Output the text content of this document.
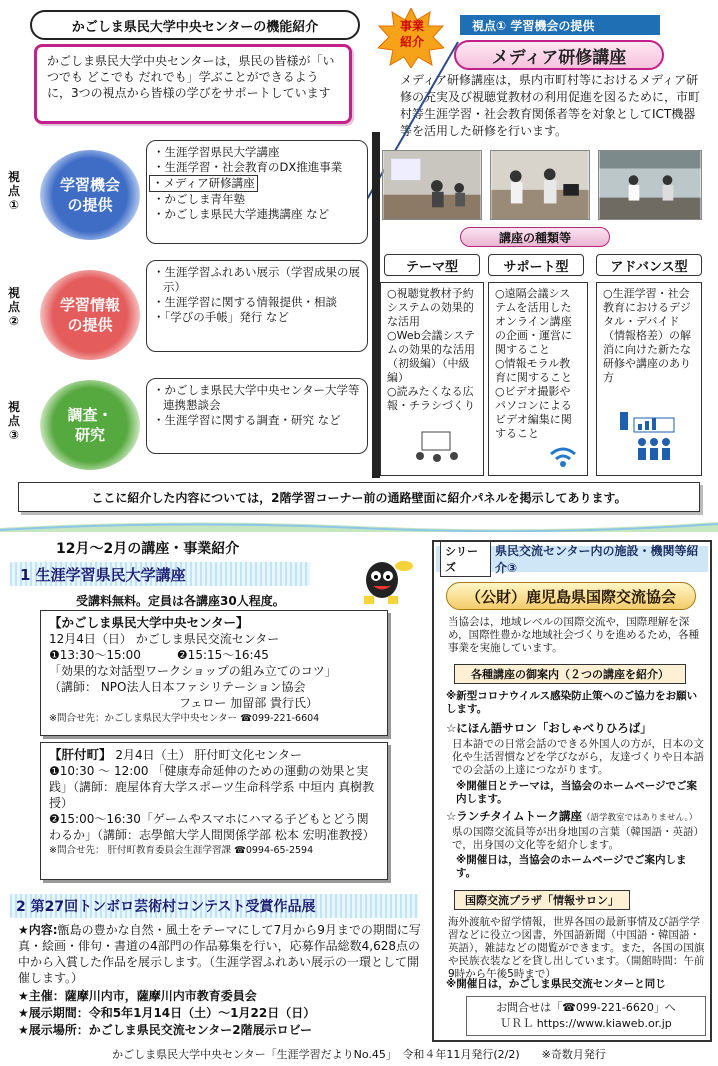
かごしま県民大学中央センターの機能紹介
かごしま県民大学中央センターは，県民の皆様が「いつでも どこでも だれでも」学ぶことができるように，3つの視点から皆様の学びをサポートしています
事業
紹介
視点① 学習機会の提供
メディア研修講座
メディア研修講座は，県内市町村等におけるメディア研修の充実及び視聴覚教材の利用促進を図るために，市町村等生涯学習・社会教育関係者等を対象としてICT機器等を活用した研修を行います。
視
点
①
視
点
②
視
点
③
学習機会
の提供
学習情報
の提供
調査・
研究
・生涯学習県民大学講座
・生涯学習・社会教育のDX推進事業
・メディア研修講座
・かごしま青年塾
・かごしま県民大学連携講座 など
・生涯学習ふれあい展示（学習成果の展示）
・生涯学習に関する情報提供・相談
・「学びの手帳」発行 など
・かごしま県民大学中央センター大学等連携懇談会
・生涯学習に関する調査・研究 など
講座の種類等
テーマ型	サポート型	アドバンス型
○視聴覚教材予約システムの効果的な活用
○Web会議システムの効果的な活用（初級編）（中級編）
○読みたくなる広報・チラシづくり
○遠隔会議システムを活用したオンライン講座の企画・運営に関すること
○情報モラル教育に関すること
○ビデオ撮影やパソコンによるビデオ編集に関すること
○生涯学習・社会教育におけるデジタル・デバイド（情報格差）の解消に向けた新たな研修や講座のあり方
ここに紹介した内容については，2階学習コーナー前の通路壁面に紹介パネルを掲示してあります。
12月～2月の講座・事業紹介
1 生涯学習県民大学講座
受講料無料。定員は各講座30人程度。
【かごしま県民大学中央センター】
12月4日（日） かごしま県民交流センター
❶13:30～15:00　　　❷15:15～16:45
「効果的な対話型ワークショップの組み立てのコツ」
（講師： NPO法人日本ファシリテーション協会
フェロー 加留部 貴行氏）
※問合せ先：かごしま県民大学中央センター ☎099-221-6604
【肝付町】 2月4日（土） 肝付町文化センター
❶10:30 ～ 12:00 「健康寿命延伸のための運動の効果と実践」（講師：鹿屋体育大学スポーツ生命科学系 中垣内 真樹教授）
❷15:00～16:30「ゲームやスマホにハマる子どもとどう関わるか」（講師：志學館大学人間関係学部 松本 宏明准教授）
※問合せ先： 肝付町教育委員会生涯学習課 ☎0994-65-2594
2 第27回トンボロ芸術村コンテスト受賞作品展
★内容:甑島の豊かな自然・風土をテーマにして7月から9月までの期間に写真・絵画・俳句・書道の4部門の作品募集を行い，応募作品総数4,628点の中から入賞した作品を展示します。（生涯学習ふれあい展示の一環として開催します。）
★主催：薩摩川内市，薩摩川内市教育委員会
★展示期間：令和5年1月14日（土）～1月22日（日）
★展示場所：かごしま県民交流センター2階展示ロビー
シリーズ
県民交流センター内の施設・機関等紹介③
（公財）鹿児島県国際交流協会
当協会は，地域レベルの国際交流や，国際理解を深め，国際性豊かな地域社会づくりを進めるため，各種事業を実施しています。
各種講座の御案内（２つの講座を紹介）
※新型コロナウイルス感染防止策へのご協力をお願いします。
☆にほん語サロン「おしゃべりひろば」
日本語での日常会話のできる外国人の方が，日本の文化や生活習慣などを学びながら，友達づくりや日本語での会話の上達につながります。
※開催日とテーマは，当協会のホームページでご案内します。
☆ランチタイムトーク講座（語学教室ではありません。）
県の国際交流員等が出身地国の言葉（韓国語・英語）で，出身国の文化等を紹介します。
※開催日は，当協会のホームページでご案内します。
国際交流プラザ「情報サロン」
海外渡航や留学情報，世界各国の最新事情及び語学学習などに役立つ図書，外国語新聞（中国語・韓国語・英語），雑誌などの閲覧ができます。また，各国の国旗や民族衣装などを貸し出しています。（開館時間：午前9時から午後5時まで）
※開催日は，かごしま県民交流センターと同じ
お問合せは「☎099-221-6620」へ
ＵＲＬ https://www.kiaweb.or.jp
かごしま県民大学中央センター「生涯学習だよりNo.45」　令和４年11月発行(2/2)　　※奇数月発行
